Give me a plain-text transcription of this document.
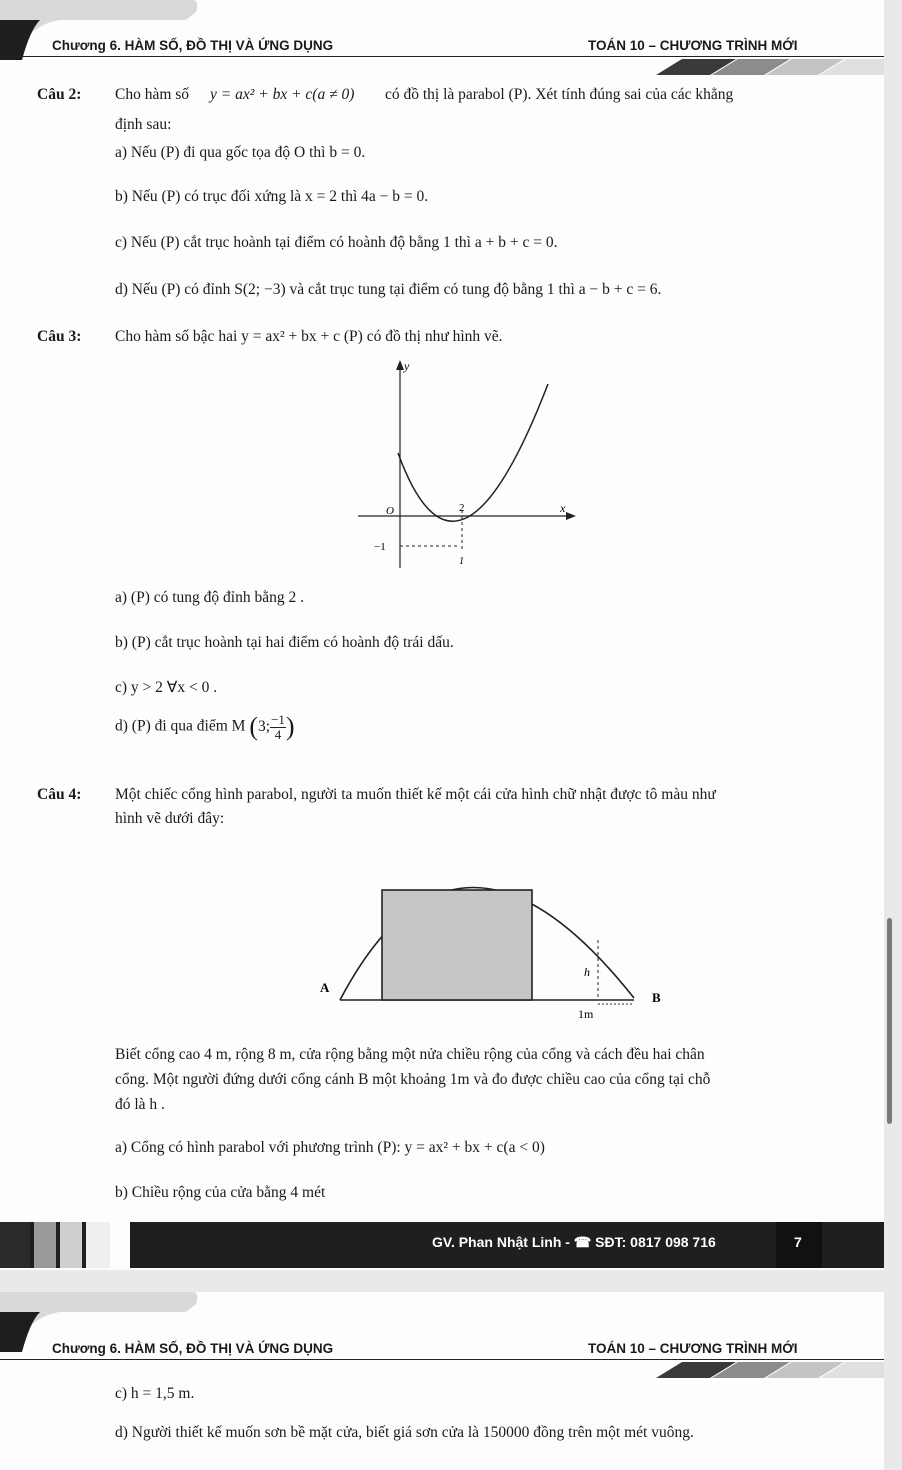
Chương 6. HÀM SỐ, ĐỒ THỊ VÀ ỨNG DỤNG	TOÁN 10 – CHƯƠNG TRÌNH MỚI
Câu 2: Cho hàm số y = ax² + bx + c(a ≠ 0) có đồ thị là parabol (P). Xét tính đúng sai của các khẳng
định sau:
a) Nếu (P) đi qua gốc tọa độ O thì b = 0.
b) Nếu (P) có trục đối xứng là x = 2 thì 4a − b = 0.
c) Nếu (P) cắt trục hoành tại điểm có hoành độ bằng 1 thì a + b + c = 0.
d) Nếu (P) có đỉnh S(2; −3) và cắt trục tung tại điểm có tung độ bằng 1 thì a − b + c = 6.
Câu 3: Cho hàm số bậc hai y = ax² + bx + c (P) có đồ thị như hình vẽ.
y
x
O	2
−1
1
a) (P) có tung độ đỉnh bằng 2 .
b) (P) cắt trục hoành tại hai điểm có hoành độ trái dấu.
c) y > 2 ∀x < 0 .
d) (P) đi qua điểm M (3; $\frac{-1}{4}$ )
Câu 4: Một chiếc cổng hình parabol, người ta muốn thiết kế một cái cửa hình chữ nhật được tô màu như
hình vẽ dưới đây:
A
B
h
1m
Biết cổng cao 4 m, rộng 8 m, cửa rộng bằng một nửa chiều rộng của cổng và cách đều hai chân
cổng. Một người đứng dưới cổng cánh B một khoảng 1m và đo được chiều cao của cổng tại chỗ
đó là h .
a) Cổng có hình parabol với phương trình (P): y = ax² + bx + c(a < 0)
b) Chiều rộng của cửa bằng 4 mét
GV. Phan Nhật Linh - ☎ SĐT: 0817 098 716	7
Chương 6. HÀM SỐ, ĐỒ THỊ VÀ ỨNG DỤNG	TOÁN 10 – CHƯƠNG TRÌNH MỚI
c) h = 1,5 m.
d) Người thiết kế muốn sơn bề mặt cửa, biết giá sơn cửa là 150000 đồng trên một mét vuông.
